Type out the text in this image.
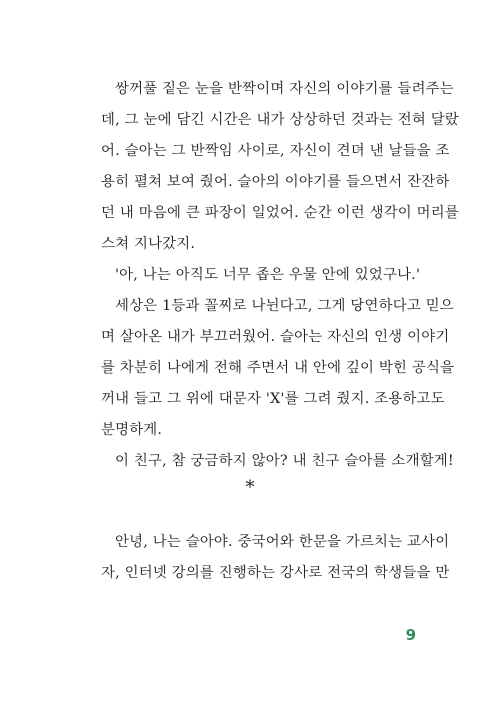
쌍꺼풀 짙은 눈을 반짝이며 자신의 이야기를 들려주는
데, 그 눈에 담긴 시간은 내가 상상하던 것과는 전혀 달랐
어. 슬아는 그 반짝임 사이로, 자신이 견뎌 낸 날들을 조
용히 펼쳐 보여 줬어. 슬아의 이야기를 들으면서 잔잔하
던 내 마음에 큰 파장이 일었어. 순간 이런 생각이 머리를
스쳐 지나갔지.
'아, 나는 아직도 너무 좁은 우물 안에 있었구나.'
세상은 1등과 꼴찌로 나뉜다고, 그게 당연하다고 믿으
며 살아온 내가 부끄러웠어. 슬아는 자신의 인생 이야기
를 차분히 나에게 전해 주면서 내 안에 깊이 박힌 공식을
꺼내 들고 그 위에 대문자 'X'를 그려 줬지. 조용하고도
분명하게.
이 친구, 참 궁금하지 않아? 내 친구 슬아를 소개할게!
*
안녕, 나는 슬아야. 중국어와 한문을 가르치는 교사이
자, 인터넷 강의를 진행하는 강사로 전국의 학생들을 만
9
